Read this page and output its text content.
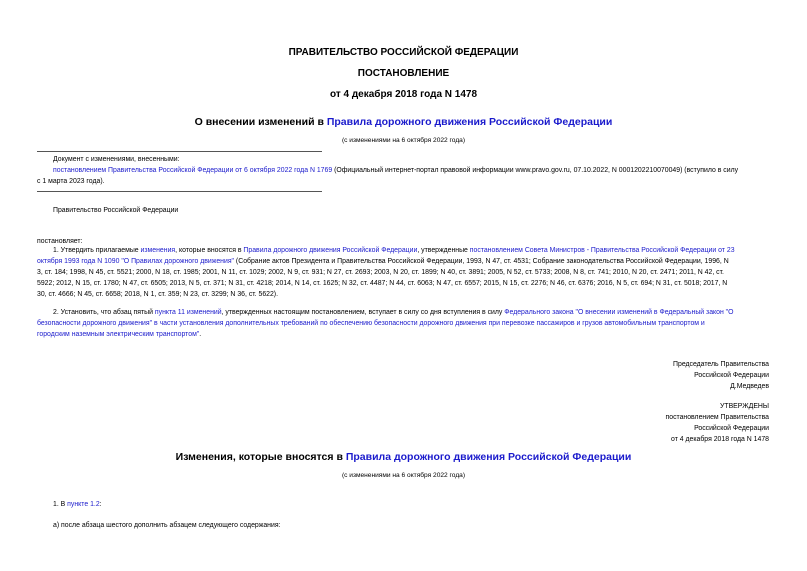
ПРАВИТЕЛЬСТВО РОССИЙСКОЙ ФЕДЕРАЦИИ
ПОСТАНОВЛЕНИЕ
от 4 декабря 2018 года N 1478
О внесении изменений в Правила дорожного движения Российской Федерации
(с изменениями на 6 октября 2022 года)
Документ с изменениями, внесенными:
постановлением Правительства Российской Федерации от 6 октября 2022 года N 1769 (Официальный интернет-портал правовой информации www.pravo.gov.ru, 07.10.2022, N 0001202210070049) (вступило в силу
с 1 марта 2023 года).
Правительство Российской Федерации
постановляет:
1. Утвердить прилагаемые изменения, которые вносятся в Правила дорожного движения Российской Федерации, утвержденные постановлением Совета Министров - Правительства Российской Федерации от 23
октября 1993 года N 1090 "О Правилах дорожного движения" (Собрание актов Президента и Правительства Российской Федерации, 1993, N 47, ст. 4531; Собрание законодательства Российской Федерации, 1996, N
3, ст. 184; 1998, N 45, ст. 5521; 2000, N 18, ст. 1985; 2001, N 11, ст. 1029; 2002, N 9, ст. 931; N 27, ст. 2693; 2003, N 20, ст. 1899; N 40, ст. 3891; 2005, N 52, ст. 5733; 2008, N 8, ст. 741; 2010, N 20, ст. 2471; 2011, N 42, ст.
5922; 2012, N 15, ст. 1780; N 47, ст. 6505; 2013, N 5, ст. 371; N 31, ст. 4218; 2014, N 14, ст. 1625; N 32, ст. 4487; N 44, ст. 6063; N 47, ст. 6557; 2015, N 15, ст. 2276; N 46, ст. 6376; 2016, N 5, ст. 694; N 31, ст. 5018; 2017, N
30, ст. 4666; N 45, ст. 6658; 2018, N 1, ст. 359; N 23, ст. 3299; N 36, ст. 5622).
2. Установить, что абзац пятый пункта 11 изменений, утвержденных настоящим постановлением, вступает в силу со дня вступления в силу Федерального закона "О внесении изменений в Федеральный закон "О
безопасности дорожного движения" в части установления дополнительных требований по обеспечению безопасности дорожного движения при перевозке пассажиров и грузов автомобильным транспортом и
городским наземным электрическим транспортом".
Председатель Правительства
Российской Федерации
Д.Медведев
УТВЕРЖДЕНЫ
постановлением Правительства
Российской Федерации
от 4 декабря 2018 года N 1478
Изменения, которые вносятся в Правила дорожного движения Российской Федерации
(с изменениями на 6 октября 2022 года)
1. В пункте 1.2:
а) после абзаца шестого дополнить абзацем следующего содержания:
